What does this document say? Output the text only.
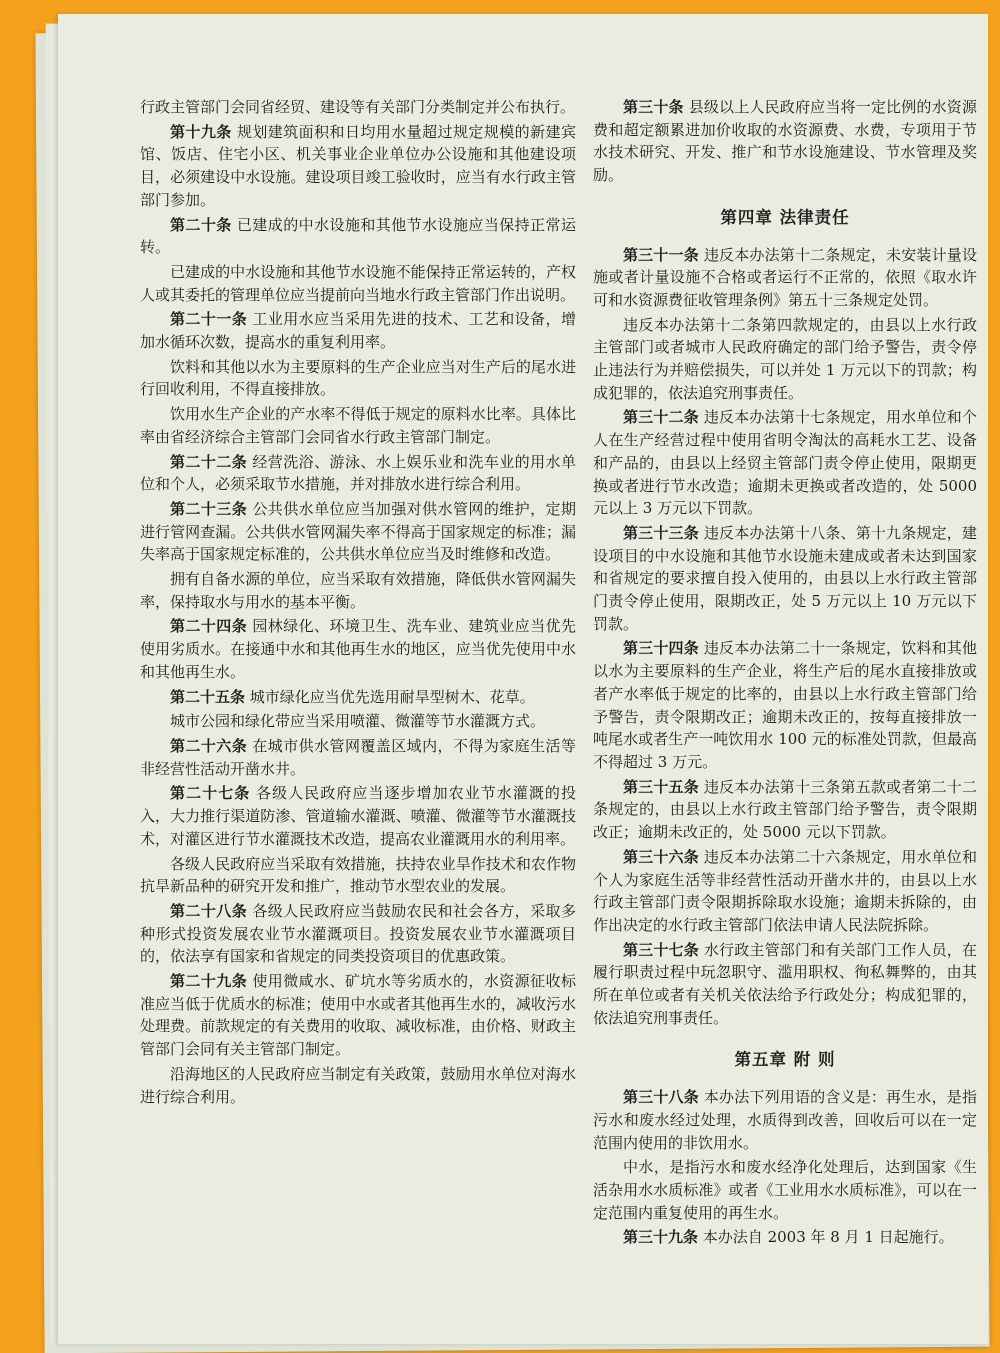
行政主管部门会同省经贸、建设等有关部门分类制定并公布执行。

第十九条 规划建筑面积和日均用水量超过规定规模的新建宾馆、饭店、住宅小区、机关事业企业单位办公设施和其他建设项目，必须建设中水设施。建设项目竣工验收时，应当有水行政主管部门参加。

第二十条 已建成的中水设施和其他节水设施应当保持正常运转。

已建成的中水设施和其他节水设施不能保持正常运转的，产权人或其委托的管理单位应当提前向当地水行政主管部门作出说明。

第二十一条 工业用水应当采用先进的技术、工艺和设备，增加水循环次数，提高水的重复利用率。

饮料和其他以水为主要原料的生产企业应当对生产后的尾水进行回收利用，不得直接排放。

饮用水生产企业的产水率不得低于规定的原料水比率。具体比率由省经济综合主管部门会同省水行政主管部门制定。

第二十二条 经营洗浴、游泳、水上娱乐业和洗车业的用水单位和个人，必须采取节水措施，并对排放水进行综合利用。

第二十三条 公共供水单位应当加强对供水管网的维护，定期进行管网查漏。公共供水管网漏失率不得高于国家规定的标准；漏失率高于国家规定标准的，公共供水单位应当及时维修和改造。

拥有自备水源的单位，应当采取有效措施，降低供水管网漏失率，保持取水与用水的基本平衡。

第二十四条 园林绿化、环境卫生、洗车业、建筑业应当优先使用劣质水。在接通中水和其他再生水的地区，应当优先使用中水和其他再生水。

第二十五条 城市绿化应当优先选用耐旱型树木、花草。

城市公园和绿化带应当采用喷灌、微灌等节水灌溉方式。

第二十六条 在城市供水管网覆盖区域内，不得为家庭生活等非经营性活动开凿水井。

第二十七条 各级人民政府应当逐步增加农业节水灌溉的投入，大力推行渠道防渗、管道输水灌溉、喷灌、微灌等节水灌溉技术，对灌区进行节水灌溉技术改造，提高农业灌溉用水的利用率。

各级人民政府应当采取有效措施，扶持农业旱作技术和农作物抗旱新品种的研究开发和推广，推动节水型农业的发展。

第二十八条 各级人民政府应当鼓励农民和社会各方，采取多种形式投资发展农业节水灌溉项目。投资发展农业节水灌溉项目的，依法享有国家和省规定的同类投资项目的优惠政策。

第二十九条 使用微咸水、矿坑水等劣质水的，水资源征收标准应当低于优质水的标准；使用中水或者其他再生水的，减收污水处理费。前款规定的有关费用的收取、减收标准，由价格、财政主管部门会同有关主管部门制定。

沿海地区的人民政府应当制定有关政策，鼓励用水单位对海水进行综合利用。

第三十条 县级以上人民政府应当将一定比例的水资源费和超定额累进加价收取的水资源费、水费，专项用于节水技术研究、开发、推广和节水设施建设、节水管理及奖励。

第四章 法律责任

第三十一条 违反本办法第十二条规定，未安装计量设施或者计量设施不合格或者运行不正常的，依照《取水许可和水资源费征收管理条例》第五十三条规定处罚。

违反本办法第十二条第四款规定的，由县以上水行政主管部门或者城市人民政府确定的部门给予警告，责令停止违法行为并赔偿损失，可以并处 1 万元以下的罚款；构成犯罪的，依法追究刑事责任。

第三十二条 违反本办法第十七条规定，用水单位和个人在生产经营过程中使用省明令淘汰的高耗水工艺、设备和产品的，由县以上经贸主管部门责令停止使用，限期更换或者进行节水改造；逾期未更换或者改造的，处 5000 元以上 3 万元以下罚款。

第三十三条 违反本办法第十八条、第十九条规定，建设项目的中水设施和其他节水设施未建成或者未达到国家和省规定的要求擅自投入使用的，由县以上水行政主管部门责令停止使用，限期改正，处 5 万元以上 10 万元以下罚款。

第三十四条 违反本办法第二十一条规定，饮料和其他以水为主要原料的生产企业，将生产后的尾水直接排放或者产水率低于规定的比率的，由县以上水行政主管部门给予警告，责令限期改正；逾期未改正的，按每直接排放一吨尾水或者生产一吨饮用水 100 元的标准处罚款，但最高不得超过 3 万元。

第三十五条 违反本办法第十三条第五款或者第二十二条规定的，由县以上水行政主管部门给予警告，责令限期改正；逾期未改正的，处 5000 元以下罚款。

第三十六条 违反本办法第二十六条规定，用水单位和个人为家庭生活等非经营性活动开凿水井的，由县以上水行政主管部门责令限期拆除取水设施；逾期未拆除的，由作出决定的水行政主管部门依法申请人民法院拆除。

第三十七条 水行政主管部门和有关部门工作人员，在履行职责过程中玩忽职守、滥用职权、徇私舞弊的，由其所在单位或者有关机关依法给予行政处分；构成犯罪的，依法追究刑事责任。

第五章 附 则

第三十八条 本办法下列用语的含义是：再生水，是指污水和废水经过处理，水质得到改善，回收后可以在一定范围内使用的非饮用水。

中水，是指污水和废水经净化处理后，达到国家《生活杂用水水质标准》或者《工业用水水质标准》，可以在一定范围内重复使用的再生水。

第三十九条 本办法自 2003 年 8 月 1 日起施行。
